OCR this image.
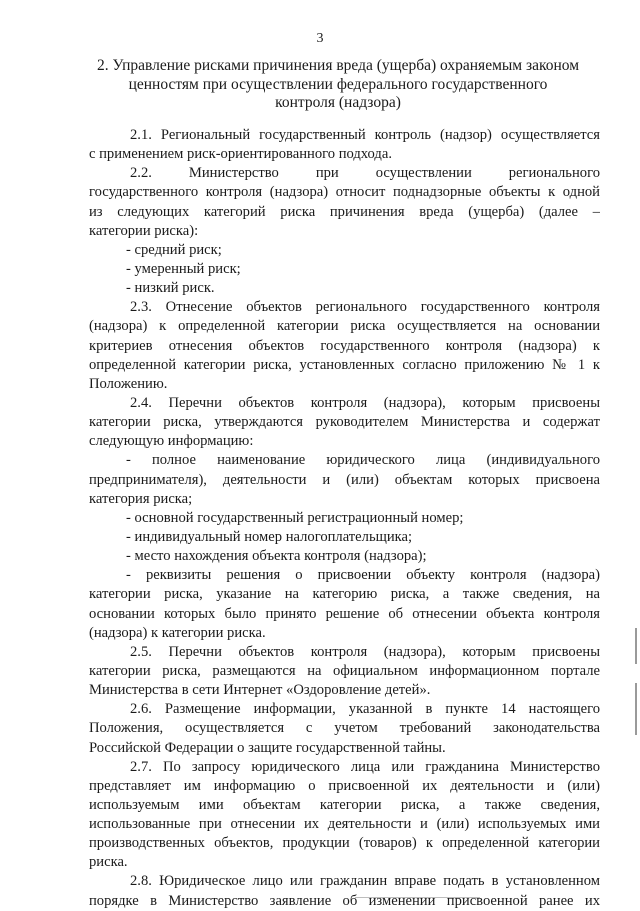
3
2. Управление рисками причинения вреда (ущерба) охраняемым законом
ценностям при осуществлении федерального государственного
контроля (надзора)
2.1. Региональный государственный контроль (надзор) осуществляется
с применением риск-ориентированного подхода.
2.2. Министерство при осуществлении регионального
государственного контроля (надзора) относит поднадзорные объекты к одной
из следующих категорий риска причинения вреда (ущерба) (далее –
категории риска):
- средний риск;
- умеренный риск;
- низкий риск.
2.3. Отнесение объектов регионального государственного контроля
(надзора) к определенной категории риска осуществляется на основании
критериев отнесения объектов государственного контроля (надзора) к
определенной категории риска, установленных согласно приложению № 1 к
Положению.
2.4. Перечни объектов контроля (надзора), которым присвоены
категории риска, утверждаются руководителем Министерства и содержат
следующую информацию:
- полное наименование юридического лица (индивидуального
предпринимателя), деятельности и (или) объектам которых присвоена
категория риска;
- основной государственный регистрационный номер;
- индивидуальный номер налогоплательщика;
- место нахождения объекта контроля (надзора);
- реквизиты решения о присвоении объекту контроля (надзора)
категории риска, указание на категорию риска, а также сведения, на
основании которых было принято решение об отнесении объекта контроля
(надзора) к категории риска.
2.5. Перечни объектов контроля (надзора), которым присвоены
категории риска, размещаются на официальном информационном портале
Министерства в сети Интернет «Оздоровление детей».
2.6. Размещение информации, указанной в пункте 14 настоящего
Положения, осуществляется с учетом требований законодательства
Российской Федерации о защите государственной тайны.
2.7. По запросу юридического лица или гражданина Министерство
представляет им информацию о присвоенной их деятельности и (или)
используемым ими объектам категории риска, а также сведения,
использованные при отнесении их деятельности и (или) используемых ими
производственных объектов, продукции (товаров) к определенной категории
риска.
2.8. Юридическое лицо или гражданин вправе подать в установленном
порядке в Министерство заявление об изменении присвоенной ранее их
